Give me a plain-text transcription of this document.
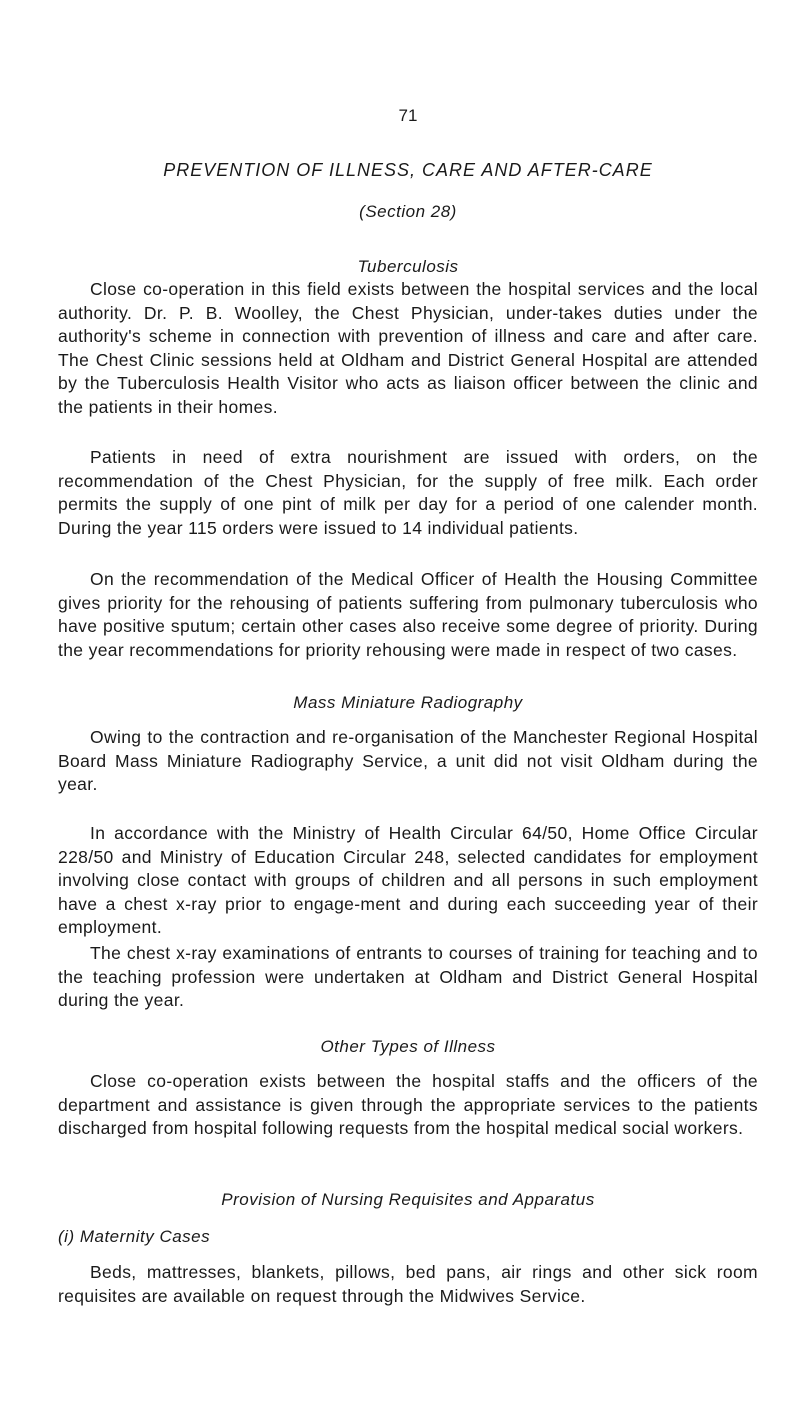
71
PREVENTION OF ILLNESS, CARE AND AFTER-CARE
(Section 28)
Tuberculosis

Close co-operation in this field exists between the hospital services and the local authority. Dr. P. B. Woolley, the Chest Physician, under-takes duties under the authority's scheme in connection with prevention of illness and care and after care. The Chest Clinic sessions held at Oldham and District General Hospital are attended by the Tuberculosis Health Visitor who acts as liaison officer between the clinic and the patients in their homes.

Patients in need of extra nourishment are issued with orders, on the recommendation of the Chest Physician, for the supply of free milk. Each order permits the supply of one pint of milk per day for a period of one calender month. During the year 115 orders were issued to 14 individual patients.

On the recommendation of the Medical Officer of Health the Housing Committee gives priority for the rehousing of patients suffering from pulmonary tuberculosis who have positive sputum; certain other cases also receive some degree of priority. During the year recommendations for priority rehousing were made in respect of two cases.

Mass Miniature Radiography

Owing to the contraction and re-organisation of the Manchester Regional Hospital Board Mass Miniature Radiography Service, a unit did not visit Oldham during the year.

In accordance with the Ministry of Health Circular 64/50, Home Office Circular 228/50 and Ministry of Education Circular 248, selected candidates for employment involving close contact with groups of children and all persons in such employment have a chest x-ray prior to engage-ment and during each succeeding year of their employment.

The chest x-ray examinations of entrants to courses of training for teaching and to the teaching profession were undertaken at Oldham and District General Hospital during the year.

Other Types of Illness

Close co-operation exists between the hospital staffs and the officers of the department and assistance is given through the appropriate services to the patients discharged from hospital following requests from the hospital medical social workers.

Provision of Nursing Requisites and Apparatus
(i) Maternity Cases

Beds, mattresses, blankets, pillows, bed pans, air rings and other sick room requisites are available on request through the Midwives Service.
